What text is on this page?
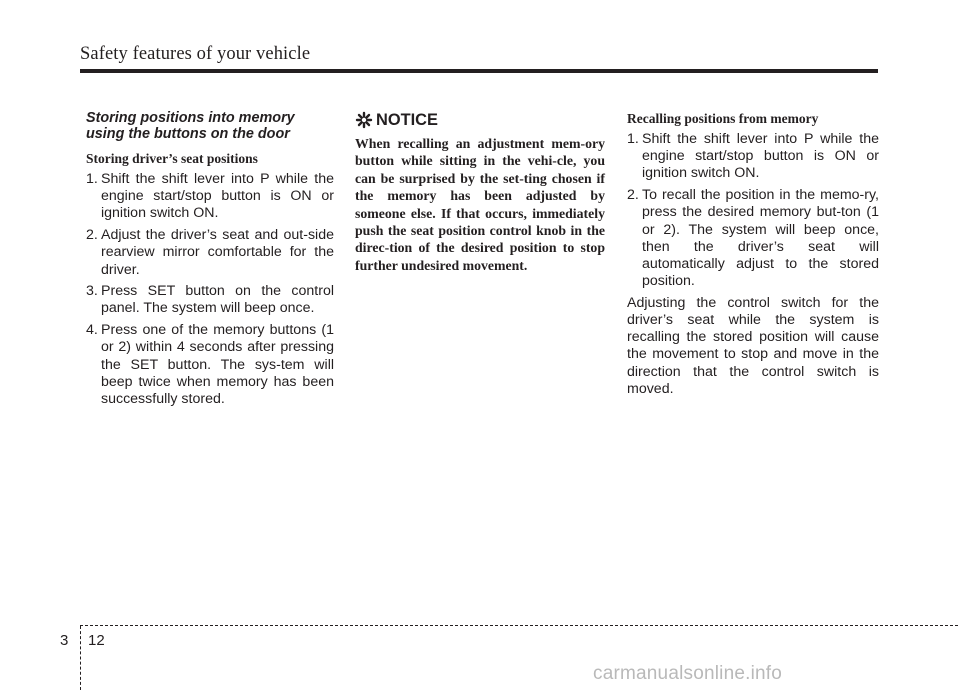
Safety features of your vehicle
Storing positions into memory
using the buttons on the door
Storing driver’s seat positions
1. Shift the shift lever into P while the engine start/stop button is ON or ignition switch ON.
2. Adjust the driver’s seat and out-side rearview mirror comfortable for the driver.
3. Press SET button on the control panel. The system will beep once.
4. Press one of the memory buttons (1 or 2) within 4 seconds after pressing the SET button. The sys-tem will beep twice when memory has been successfully stored.
NOTICE

When recalling an adjustment mem-ory button while sitting in the vehi-cle, you can be surprised by the set-ting chosen if the memory has been adjusted by someone else. If that occurs, immediately push the seat position control knob in the direc-tion of the desired position to stop further undesired movement.

Recalling positions from memory
1. Shift the shift lever into P while the engine start/stop button is ON or ignition switch ON.
2. To recall the position in the memo-ry, press the desired memory but-ton (1 or 2). The system will beep once, then the driver’s seat will automatically adjust to the stored position.

Adjusting the control switch for the driver’s seat while the system is recalling the stored position will cause the movement to stop and move in the direction that the control switch is moved.

3 12
carmanualsonline.info
